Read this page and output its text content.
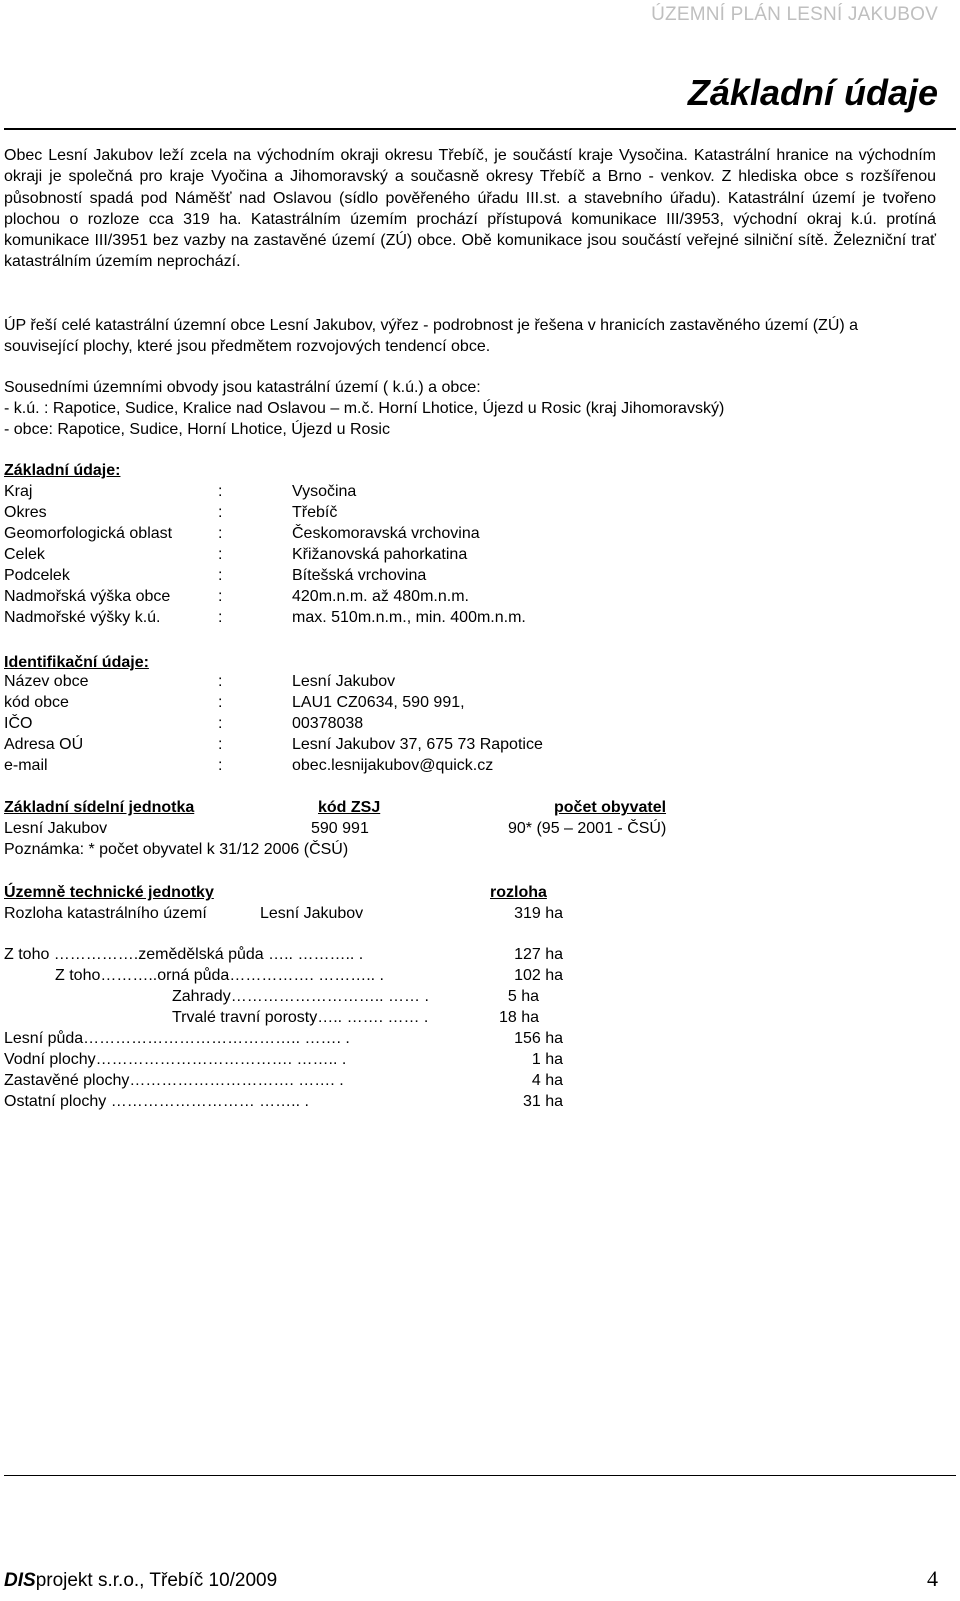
ÚZEMNÍ PLÁN LESNÍ JAKUBOV
Základní údaje

Obec Lesní Jakubov leží zcela na východním okraji okresu Třebíč, je součástí kraje Vysočina. Katastrální hranice na východním okraji je společná pro kraje Vyočina a Jihomoravský a současně okresy Třebíč a Brno - venkov. Z hlediska obce s rozšířenou působností spadá pod Náměšť nad Oslavou (sídlo pověřeného úřadu III.st. a stavebního úřadu). Katastrální území je tvořeno plochou o rozloze cca 319 ha. Katastrálním územím prochází přístupová komunikace III/3953, východní okraj k.ú. protíná komunikace III/3951 bez vazby na zastavěné území (ZÚ) obce. Obě komunikace jsou součástí veřejné silniční sítě. Železniční trať katastrálním územím neprochází.

ÚP řeší celé katastrální územní obce Lesní Jakubov, výřez - podrobnost je řešena v hranicích zastavěného území (ZÚ) a související plochy, které jsou předmětem rozvojových tendencí obce.

Sousedními územními obvody jsou katastrální území ( k.ú.) a obce:
- k.ú. : Rapotice, Sudice, Kralice nad Oslavou – m.č. Horní Lhotice, Újezd u Rosic (kraj Jihomoravský)
- obce: Rapotice, Sudice, Horní Lhotice, Újezd u Rosic
Základní údaje:
Kraj	:	Vysočina
Okres	:	Třebíč
Geomorfologická oblast	:	Českomoravská vrchovina
Celek	:	Křižanovská pahorkatina
Podcelek	:	Bítešská vrchovina
Nadmořská výška obce	:	420m.n.m. až 480m.n.m.
Nadmořské výšky k.ú.	:	max. 510m.n.m., min. 400m.n.m.
Identifikační údaje:
Název obce	:	Lesní Jakubov
kód obce	:	LAU1 CZ0634, 590 991,
IČO	:	00378038
Adresa OÚ	:	Lesní Jakubov 37, 675 73 Rapotice
e-mail	:	obec.lesnijakubov@quick.cz
Základní sídelní jednotka	kód ZSJ	počet obyvatel
Lesní Jakubov	590 991	90* (95 – 2001 - ČSÚ)
Poznámka: * počet obyvatel k 31/12 2006 (ČSÚ)
Územně technické jednotky	rozloha
Rozloha katastrálního území	Lesní Jakubov	319 ha
Z toho …………….zemědělská půda ….. ……….. .	127 ha
Z toho………..orná půda……………. ……….. .	102 ha
Zahrady……………………….. …… .	5 ha
Trvalé travní porosty….. ……. …… .	18 ha
Lesní půda………………………………….. ……. .	156 ha
Vodní plochy………………………………. …….. .	1 ha
Zastavěné plochy…………………………. ……. .	4 ha
Ostatní plochy ……………………… …….. .	31 ha
DISprojekt s.r.o., Třebíč 10/2009	4
